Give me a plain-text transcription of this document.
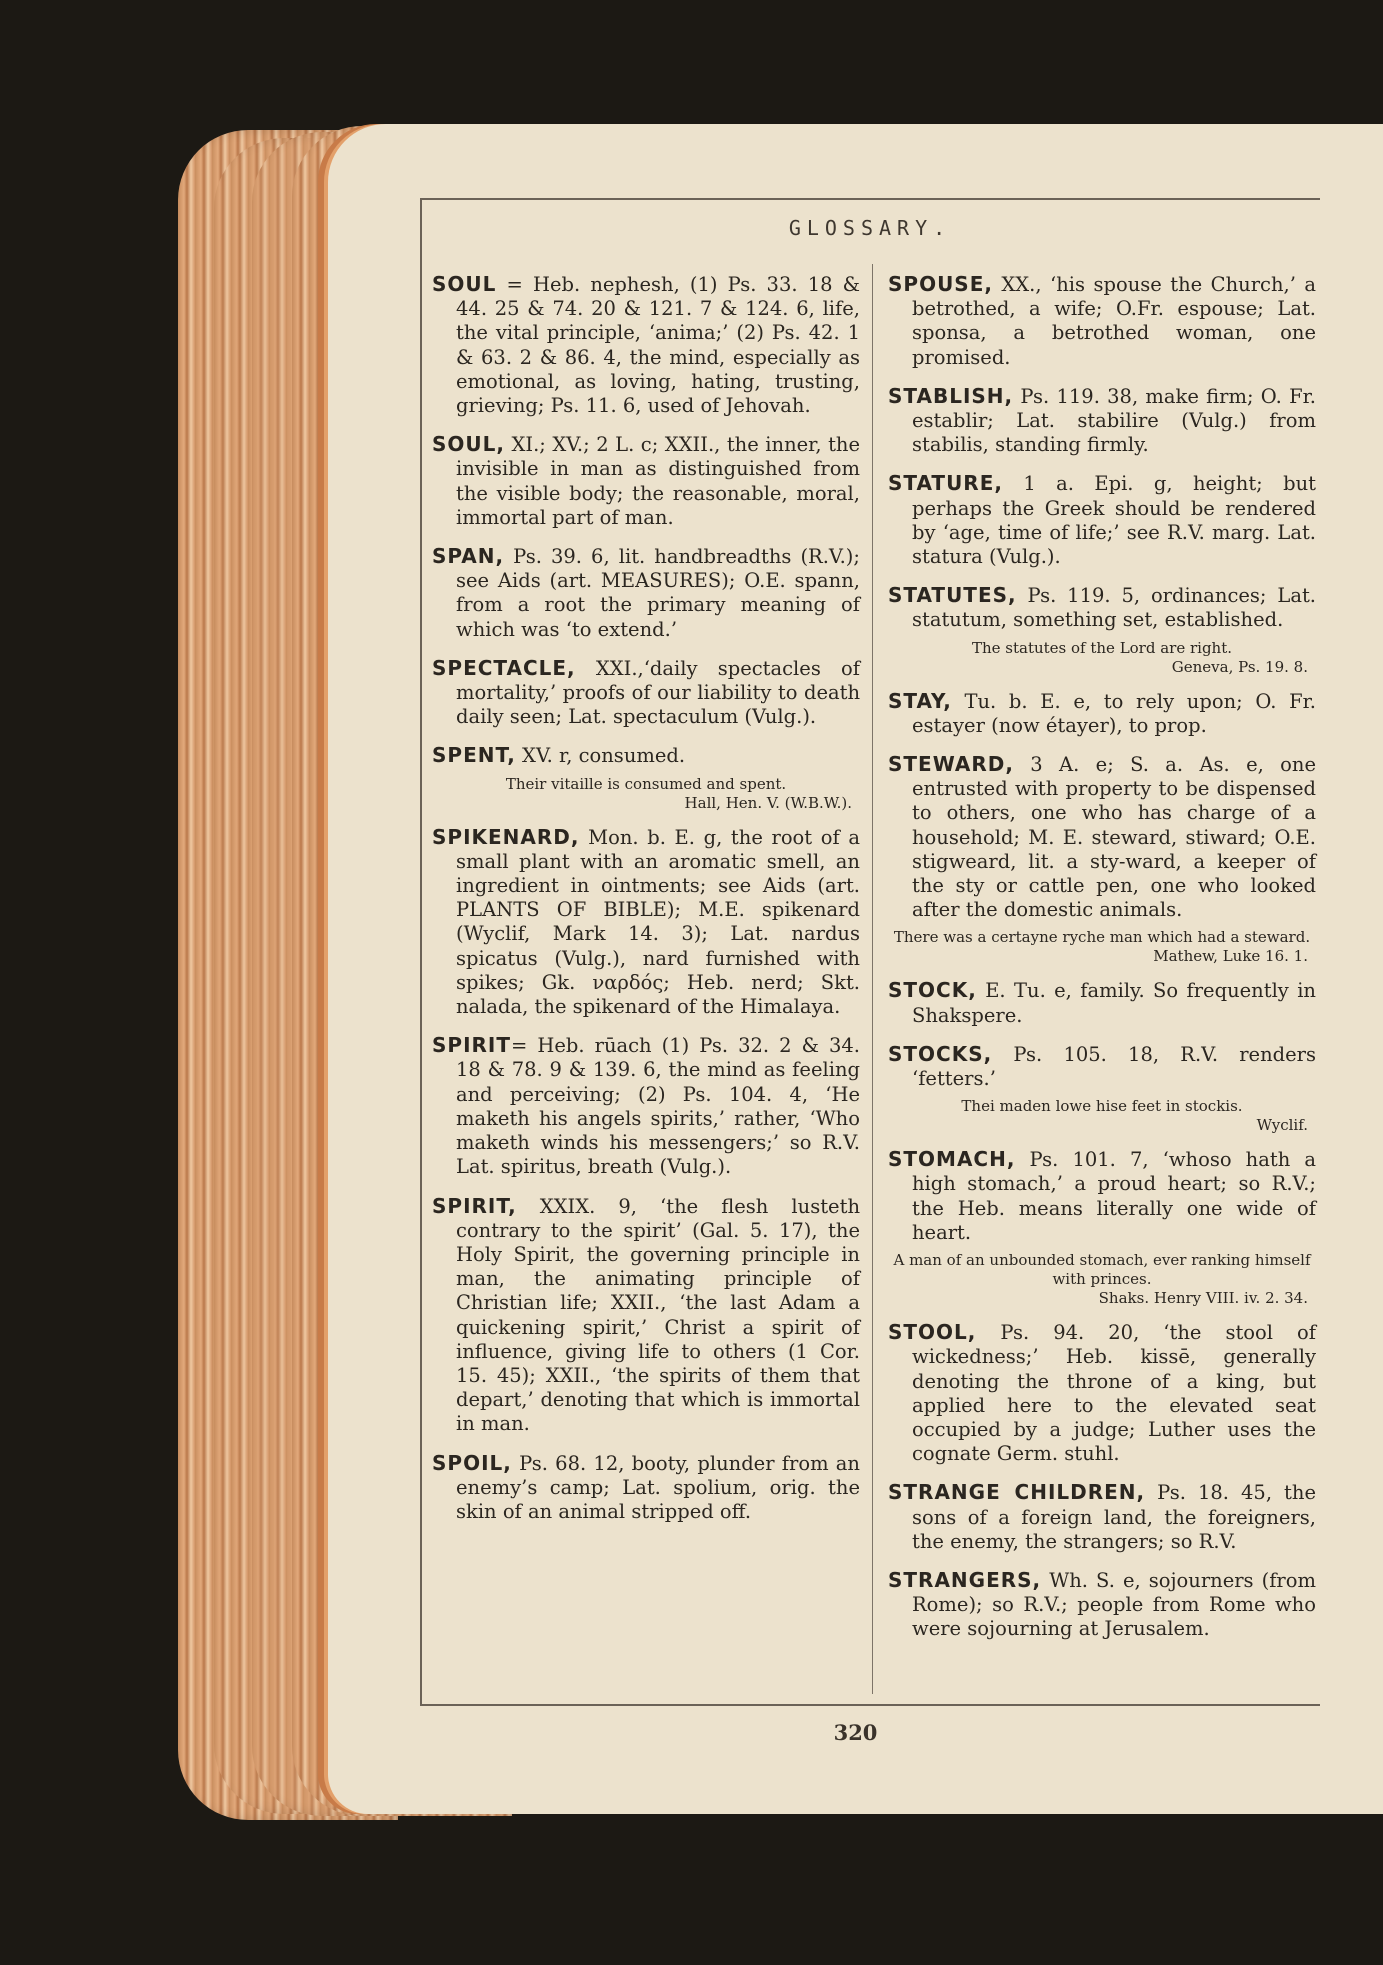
GLOSSARY.

SOUL = Heb. nephesh, (1) Ps. 33. 18 & 44. 25 & 74. 20 & 121. 7 & 124. 6, life, the vital principle, ‘anima;’ (2) Ps. 42. 1 & 63. 2 & 86. 4, the mind, especially as emotional, as loving, hating, trusting, grieving; Ps. 11. 6, used of Jehovah.

SOUL, XI.; XV.; 2 L. c; XXII., the inner, the invisible in man as distinguished from the visible body; the reasonable, moral, immortal part of man.

SPAN, Ps. 39. 6, lit. handbreadths (R.V.); see Aids (art. MEASURES); O.E. spann, from a root the primary meaning of which was ‘to extend.’

SPECTACLE, XXI.,‘daily spectacles of mortality,’ proofs of our liability to death daily seen; Lat. spectaculum (Vulg.).

SPENT, XV. r, consumed.

Their vitaille is consumed and spent.
Hall, Hen. V. (W.B.W.).

SPIKENARD, Mon. b. E. g, the root of a small plant with an aromatic smell, an ingredient in ointments; see Aids (art. PLANTS OF BIBLE); M.E. spikenard (Wyclif, Mark 14. 3); Lat. nardus spicatus (Vulg.), nard furnished with spikes; Gk. ναρδός; Heb. nerd; Skt. nalada, the spikenard of the Himalaya.

SPIRIT= Heb. rūach (1) Ps. 32. 2 & 34. 18 & 78. 9 & 139. 6, the mind as feeling and perceiving; (2) Ps. 104. 4, ‘He maketh his angels spirits,’ rather, ‘Who maketh winds his messengers;’ so R.V. Lat. spiritus, breath (Vulg.).

SPIRIT, XXIX. 9, ‘the flesh lusteth contrary to the spirit’ (Gal. 5. 17), the Holy Spirit, the governing principle in man, the animating principle of Christian life; XXII., ‘the last Adam a quickening spirit,’ Christ a spirit of influence, giving life to others (1 Cor. 15. 45); XXII., ‘the spirits of them that depart,’ denoting that which is immortal in man.

SPOIL, Ps. 68. 12, booty, plunder from an enemy’s camp; Lat. spolium, orig. the skin of an animal stripped off.

SPOUSE, XX., ‘his spouse the Church,’ a betrothed, a wife; O.Fr. espouse; Lat. sponsa, a betrothed woman, one promised.

STABLISH, Ps. 119. 38, make firm; O. Fr. establir; Lat. stabilire (Vulg.) from stabilis, standing firmly.

STATURE, 1 a. Epi. g, height; but perhaps the Greek should be rendered by ‘age, time of life;’ see R.V. marg. Lat. statura (Vulg.).

STATUTES, Ps. 119. 5, ordinances; Lat. statutum, something set, established.

The statutes of the Lord are right.
Geneva, Ps. 19. 8.

STAY, Tu. b. E. e, to rely upon; O. Fr. estayer (now étayer), to prop.

STEWARD, 3 A. e; S. a. As. e, one entrusted with property to be dispensed to others, one who has charge of a household; M. E. steward, stiward; O.E. stigweard, lit. a sty-ward, a keeper of the sty or cattle pen, one who looked after the domestic animals.

There was a certayne ryche man which had a steward.
Mathew, Luke 16. 1.

STOCK, E. Tu. e, family. So frequently in Shakspere.

STOCKS, Ps. 105. 18, R.V. renders ‘fetters.’

Thei maden lowe hise feet in stockis.
Wyclif.

STOMACH, Ps. 101. 7, ‘whoso hath a high stomach,’ a proud heart; so R.V.; the Heb. means literally one wide of heart.

A man of an unbounded stomach, ever ranking himself with princes.
Shaks. Henry VIII. iv. 2. 34.

STOOL, Ps. 94. 20, ‘the stool of wickedness;’ Heb. kissē, generally denoting the throne of a king, but applied here to the elevated seat occupied by a judge; Luther uses the cognate Germ. stuhl.

STRANGE CHILDREN, Ps. 18. 45, the sons of a foreign land, the foreigners, the enemy, the strangers; so R.V.

STRANGERS, Wh. S. e, sojourners (from Rome); so R.V.; people from Rome who were sojourning at Jerusalem.

320
